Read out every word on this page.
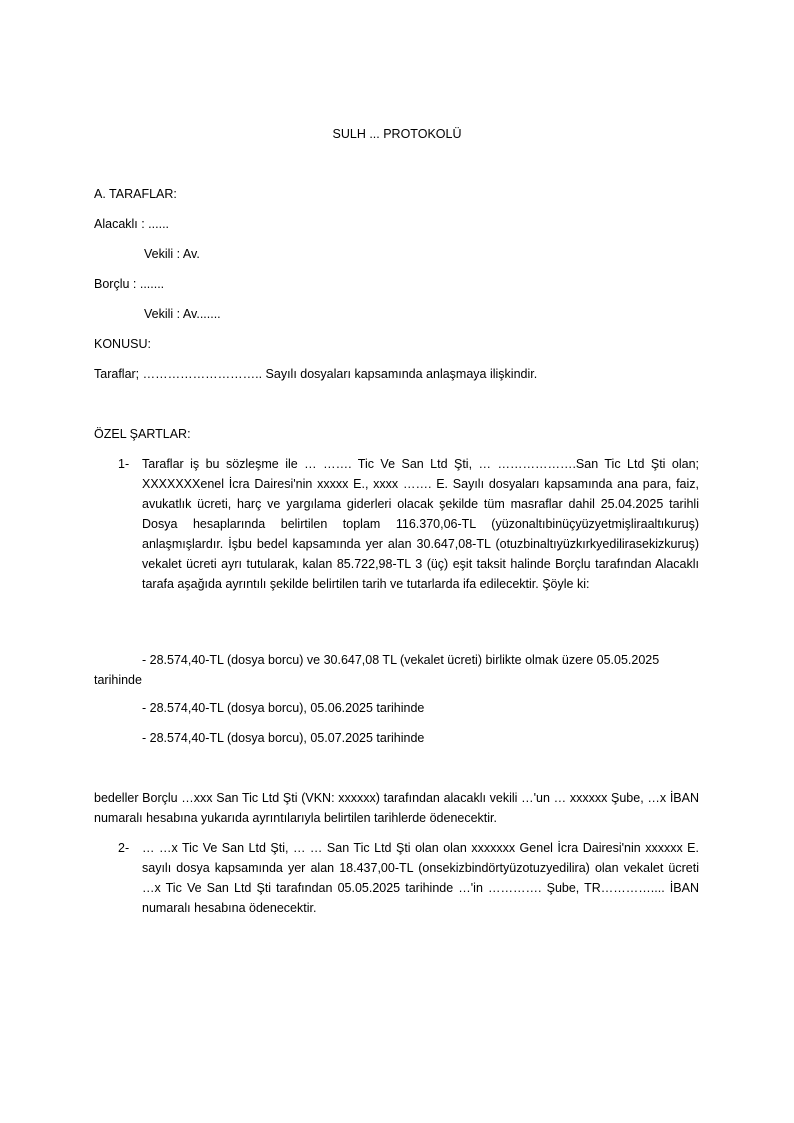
SULH ... PROTOKOLÜ

A. TARAFLAR:

Alacaklı : ......

Vekili : Av.

Borçlu : .......

Vekili : Av.......

KONUSU:

Taraflar; ……………………….. Sayılı dosyaları kapsamında anlaşmaya ilişkindir.

ÖZEL ŞARTLAR:

1- Taraflar iş bu sözleşme ile … ……. Tic Ve San Ltd Şti, … ……………….San Tic Ltd Şti olan; XXXXXXXenel İcra Dairesi'nin xxxxx E., xxxx ……. E. Sayılı dosyaları kapsamında ana para, faiz, avukatlık ücreti, harç ve yargılama giderleri olacak şekilde tüm masraflar dahil 25.04.2025 tarihli Dosya hesaplarında belirtilen toplam 116.370,06-TL (yüzonaltıbinüçyüzyetmişliraaltıkuruş) anlaşmışlardır. İşbu bedel kapsamında yer alan 30.647,08-TL (otuzbinaltıyüzkırkyedilirasekizkuruş) vekalet ücreti ayrı tutularak, kalan 85.722,98-TL 3 (üç) eşit taksit halinde Borçlu tarafından Alacaklı tarafa aşağıda ayrıntılı şekilde belirtilen tarih ve tutarlarda ifa edilecektir. Şöyle ki:

- 28.574,40-TL (dosya borcu) ve 30.647,08 TL (vekalet ücreti) birlikte olmak üzere 05.05.2025 tarihinde

- 28.574,40-TL (dosya borcu), 05.06.2025 tarihinde

- 28.574,40-TL (dosya borcu), 05.07.2025 tarihinde

bedeller Borçlu …xxx San Tic Ltd Şti (VKN: xxxxxx) tarafından alacaklı vekili …'un … xxxxxx Şube, …x İBAN numaralı hesabına yukarıda ayrıntılarıyla belirtilen tarihlerde ödenecektir.

2- … …x Tic Ve San Ltd Şti, … … San Tic Ltd Şti olan olan xxxxxxx Genel İcra Dairesi'nin xxxxxx E. sayılı dosya kapsamında yer alan 18.437,00-TL (onsekizbindörtyüzotuzyedilira) olan vekalet ücreti …x Tic Ve San Ltd Şti tarafından 05.05.2025 tarihinde …'in …………. Şube, TR………….... İBAN numaralı hesabına ödenecektir.
